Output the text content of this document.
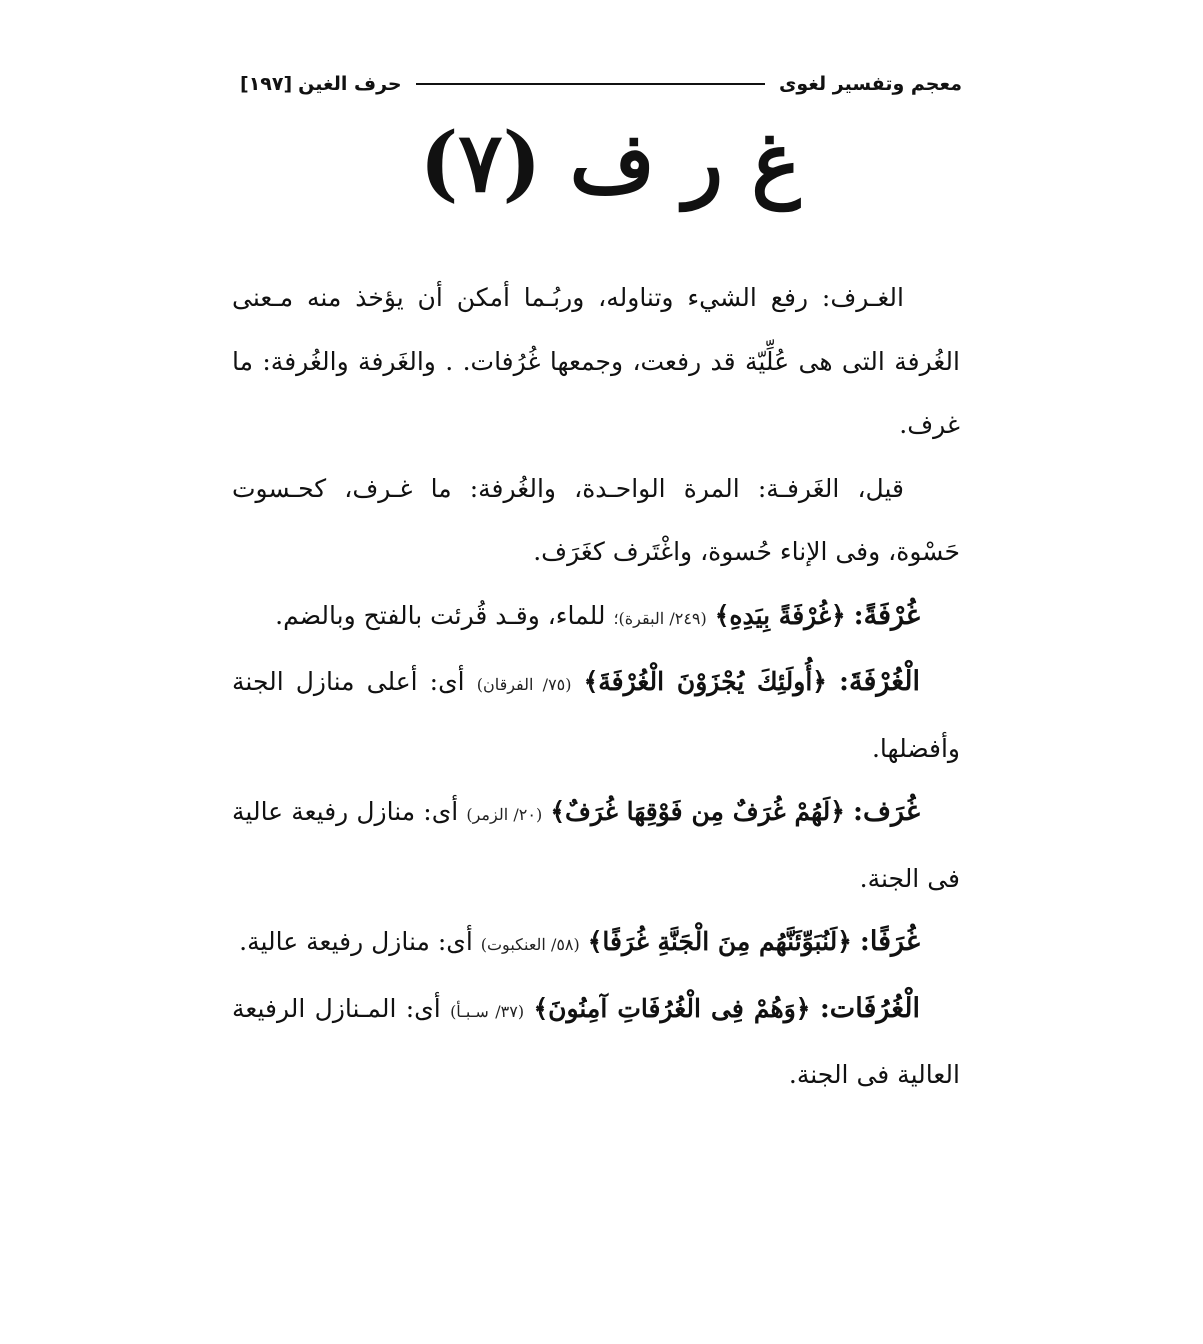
معجم وتفسير لغوى
حرف الغين
[١٩٧]
غ ر ف (٧)

الغـرف: رفع الشيء وتناوله، وربُـما أمكن أن يؤخذ منه مـعنى الغُرفة التى هى عُلِّيّة قد رفعت، وجمعها غُرُفات. . والغَرفة والغُرفة: ما غرف.

قيل، الغَرفـة: المرة الواحـدة، والغُرفة: ما غـرف، كحـسوت حَسْوة، وفى الإناء حُسوة، واغْتَرف كغَرَف.

غُرْفَةً: ﴿غُرْفَةً بِيَدِهِ﴾ (٢٤٩/ البقرة)؛ للماء، وقـد قُرئت بالفتح وبالضم.

الْغُرْفَةَ: ﴿أُولَئِكَ يُجْزَوْنَ الْغُرْفَةَ﴾ (٧٥/ الفرقان) أى: أعلى منازل الجنة وأفضلها.

غُرَف: ﴿لَهُمْ غُرَفٌ مِن فَوْقِهَا غُرَفٌ﴾ (٢٠/ الزمر) أى: منازل رفيعة عالية فى الجنة.

غُرَفًا: ﴿لَنُبَوِّئَنَّهُم مِنَ الْجَنَّةِ غُرَفًا﴾ (٥٨/ العنكبوت) أى: منازل رفيعة عالية.

الْغُرُفَات: ﴿وَهُمْ فِى الْغُرُفَاتِ آمِنُونَ﴾ (٣٧/ سـبـأ) أى: المـنازل الرفيعة العالية فى الجنة.
